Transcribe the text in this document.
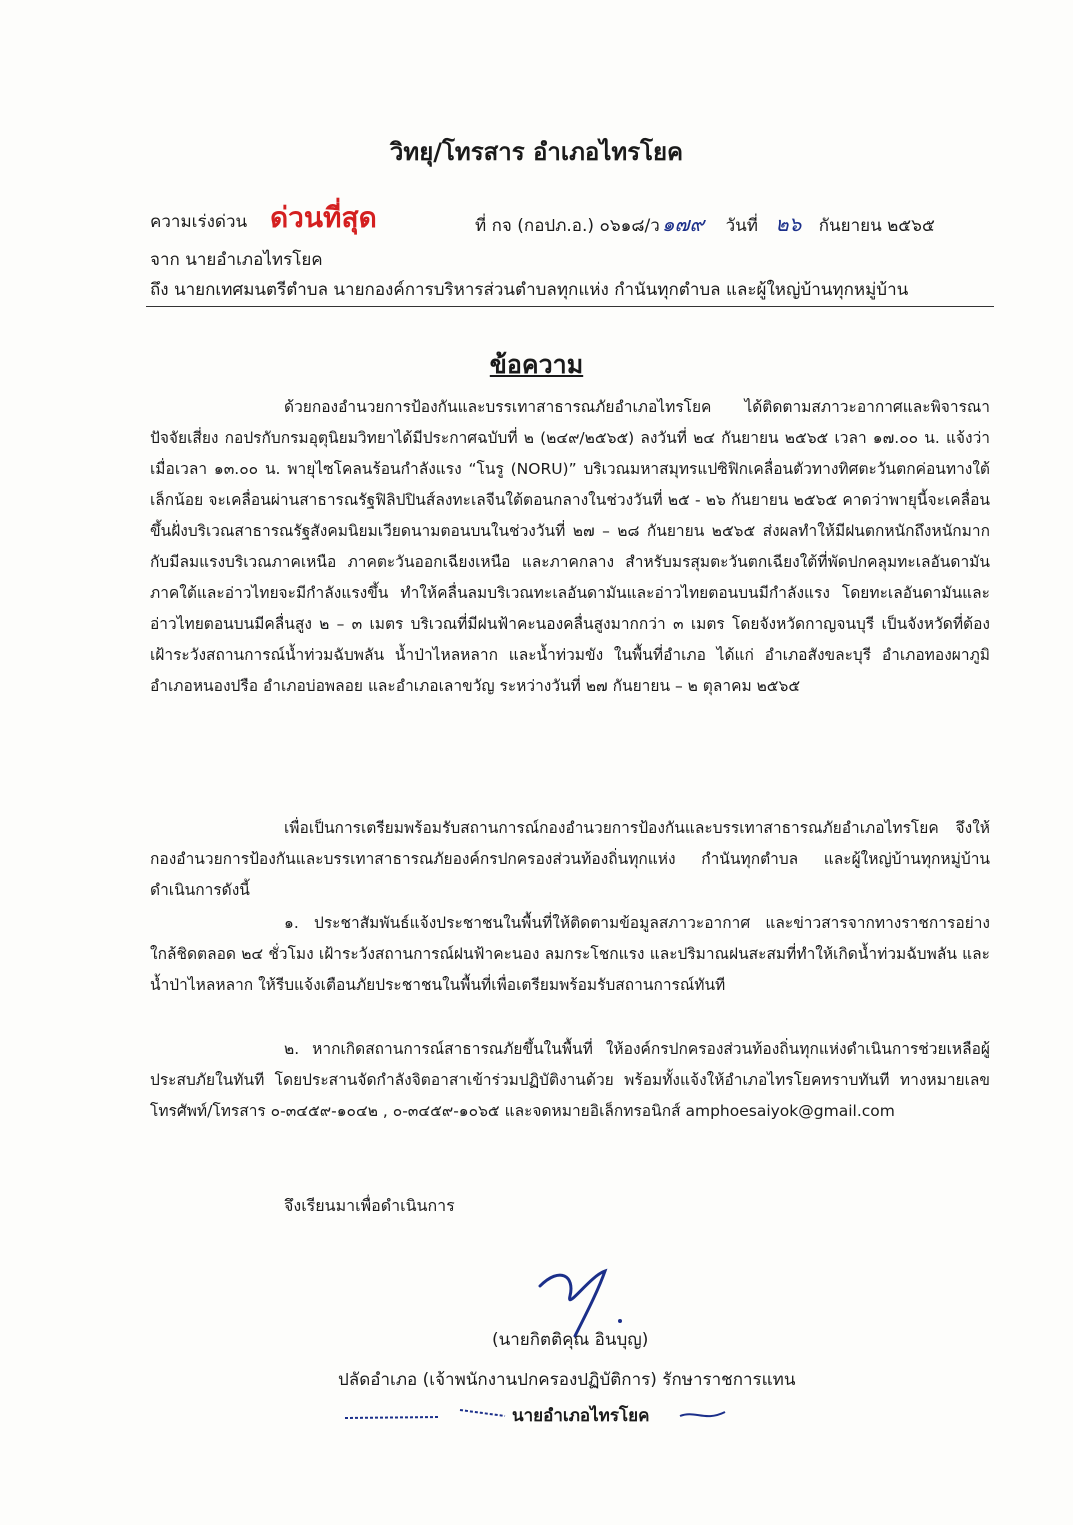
วิทยุ/โทรสาร อำเภอไทรโยค
ความเร่งด่วน ด่วนที่สุด	ที่ กจ (กอปภ.อ.) ๐๖๑๘/ว ๑๗๙ วันที่ ๒๖ กันยายน ๒๕๖๕
จาก นายอำเภอไทรโยค
ถึง นายกเทศมนตรีตำบล นายกองค์การบริหารส่วนตำบลทุกแห่ง กำนันทุกตำบล และผู้ใหญ่บ้านทุกหมู่บ้าน
ข้อความ
ด้วยกองอำนวยการป้องกันและบรรเทาสาธารณภัยอำเภอไทรโยค ได้ติดตามสภาวะอากาศและพิจารณาปัจจัยเสี่ยง กอปรกับกรมอุตุนิยมวิทยาได้มีประกาศฉบับที่ ๒ (๒๔๙/๒๕๖๕) ลงวันที่ ๒๔ กันยายน ๒๕๖๕ เวลา ๑๗.๐๐ น. แจ้งว่า เมื่อเวลา ๑๓.๐๐ น. พายุไซโคลนร้อนกำลังแรง “โนรู (NORU)” บริเวณมหาสมุทรแปซิฟิกเคลื่อนตัวทางทิศตะวันตกค่อนทางใต้เล็กน้อย จะเคลื่อนผ่านสาธารณรัฐฟิลิปปินส์ลงทะเลจีนใต้ตอนกลางในช่วงวันที่ ๒๕ - ๒๖ กันยายน ๒๕๖๕ คาดว่าพายุนี้จะเคลื่อนขึ้นฝั่งบริเวณสาธารณรัฐสังคมนิยมเวียดนามตอนบนในช่วงวันที่ ๒๗ – ๒๘ กันยายน ๒๕๖๕ ส่งผลทำให้มีฝนตกหนักถึงหนักมากกับมีลมแรงบริเวณภาคเหนือ ภาคตะวันออกเฉียงเหนือ และภาคกลาง สำหรับมรสุมตะวันตกเฉียงใต้ที่พัดปกคลุมทะเลอันดามันภาคใต้และอ่าวไทยจะมีกำลังแรงขึ้น ทำให้คลื่นลมบริเวณทะเลอันดามันและอ่าวไทยตอนบนมีกำลังแรง โดยทะเลอันดามันและอ่าวไทยตอนบนมีคลื่นสูง ๒ – ๓ เมตร บริเวณที่มีฝนฟ้าคะนองคลื่นสูงมากกว่า ๓ เมตร โดยจังหวัดกาญจนบุรี เป็นจังหวัดที่ต้องเฝ้าระวังสถานการณ์น้ำท่วมฉับพลัน น้ำป่าไหลหลาก และน้ำท่วมขัง ในพื้นที่อำเภอ ได้แก่ อำเภอสังขละบุรี อำเภอทองผาภูมิ อำเภอหนองปรือ อำเภอบ่อพลอย และอำเภอเลาขวัญ ระหว่างวันที่ ๒๗ กันยายน – ๒ ตุลาคม ๒๕๖๕
เพื่อเป็นการเตรียมพร้อมรับสถานการณ์กองอำนวยการป้องกันและบรรเทาสาธารณภัยอำเภอไทรโยค จึงให้กองอำนวยการป้องกันและบรรเทาสาธารณภัยองค์กรปกครองส่วนท้องถิ่นทุกแห่ง กำนันทุกตำบล และผู้ใหญ่บ้านทุกหมู่บ้าน ดำเนินการดังนี้
๑. ประชาสัมพันธ์แจ้งประชาชนในพื้นที่ให้ติดตามข้อมูลสภาวะอากาศ และข่าวสารจากทางราชการอย่างใกล้ชิดตลอด ๒๔ ชั่วโมง เฝ้าระวังสถานการณ์ฝนฟ้าคะนอง ลมกระโชกแรง และปริมาณฝนสะสมที่ทำให้เกิดน้ำท่วมฉับพลัน และน้ำป่าไหลหลาก ให้รีบแจ้งเตือนภัยประชาชนในพื้นที่เพื่อเตรียมพร้อมรับสถานการณ์ทันที
๒. หากเกิดสถานการณ์สาธารณภัยขึ้นในพื้นที่ ให้องค์กรปกครองส่วนท้องถิ่นทุกแห่งดำเนินการช่วยเหลือผู้ประสบภัยในทันที โดยประสานจัดกำลังจิตอาสาเข้าร่วมปฏิบัติงานด้วย พร้อมทั้งแจ้งให้อำเภอไทรโยคทราบทันที ทางหมายเลขโทรศัพท์/โทรสาร ๐-๓๔๕๙-๑๐๔๒ , ๐-๓๔๕๙-๑๐๖๕ และจดหมายอิเล็กทรอนิกส์ amphoesaiyok@gmail.com
จึงเรียนมาเพื่อดำเนินการ
(นายกิตติคุณ อินบุญ)
ปลัดอำเภอ (เจ้าพนักงานปกครองปฏิบัติการ) รักษาราชการแทน
นายอำเภอไทรโยค
